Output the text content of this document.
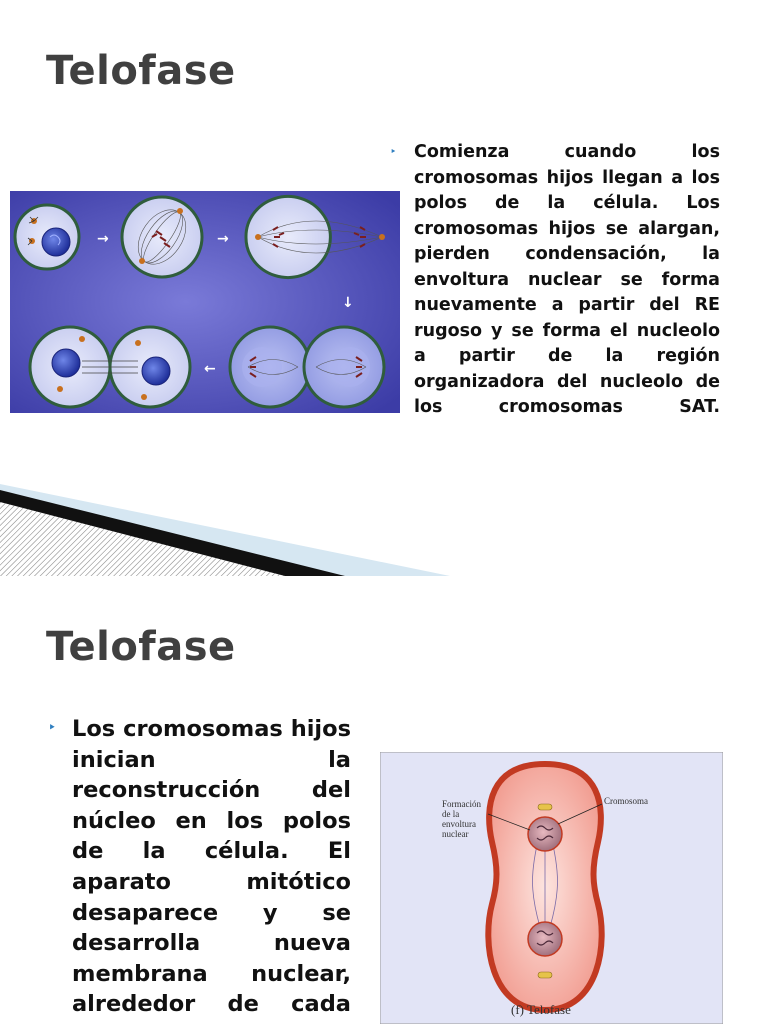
Telofase
→	→
↓
←
‣	Comienza cuando los cromosomas hijos llegan a los polos de la célula. Los cromosomas hijos se alargan, pierden condensación, la envoltura nuclear se forma nuevamente a partir del RE rugoso y se forma el nucleolo a partir de la región organizadora del nucleolo de los cromosomas SAT.
Telofase
‣ Los cromosomas hijos inician la reconstrucción del núcleo en los polos de la célula. El aparato mitótico desaparece y se desarrolla nueva membrana nuclear, alrededor de cada
Formación
de la
envoltura
nuclear
Cromosoma
(f) Telofase
